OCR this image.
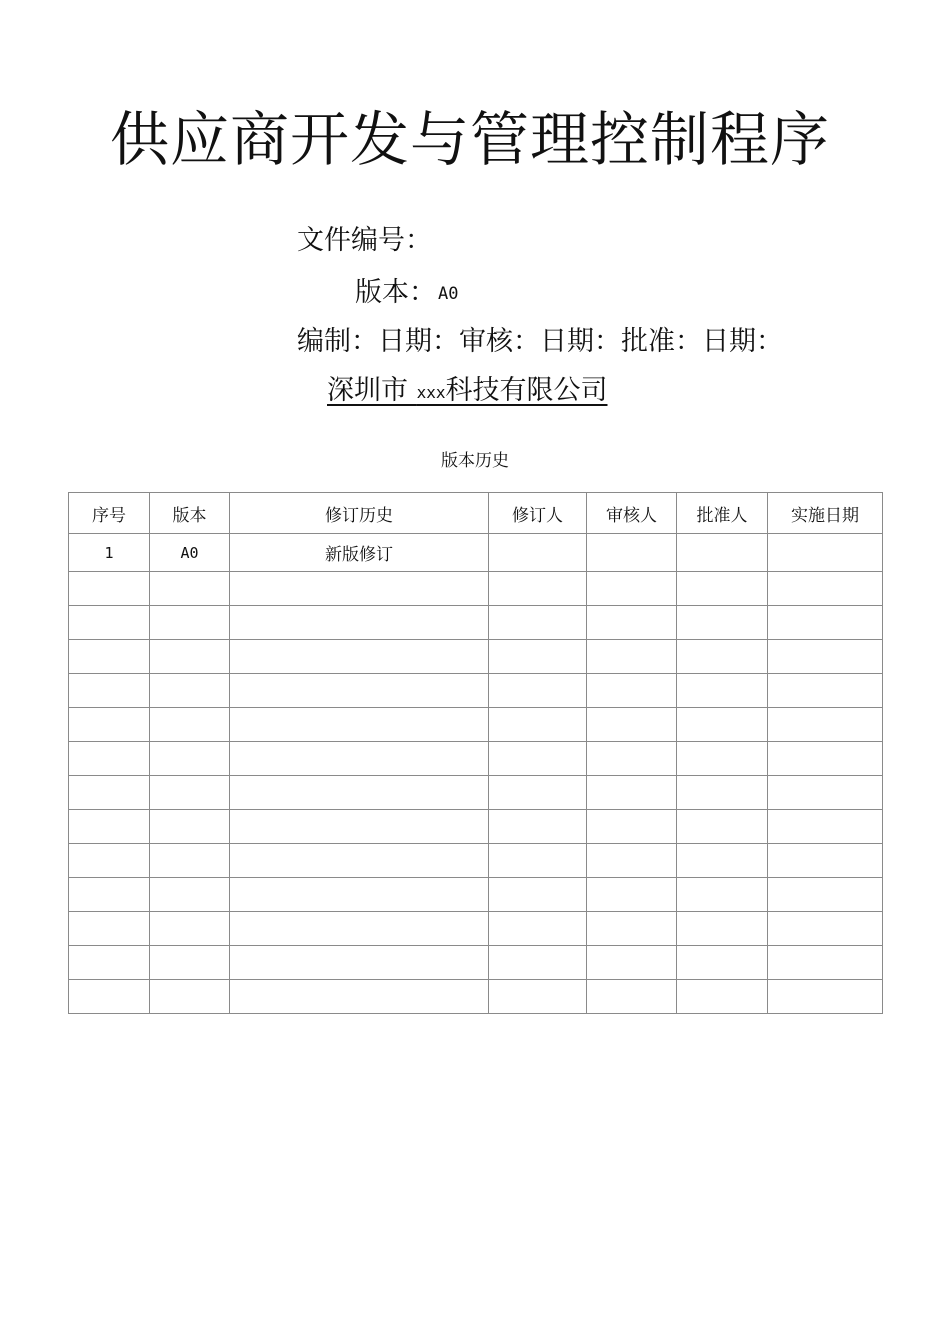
供应商开发与管理控制程序
文件编号：
版本： A0
编制：日期：审核：日期：批准：日期：
深圳市 xxx科技有限公司
版本历史
序号	版本	修订历史	修订人	审核人	批准人	实施日期
1	A0	新版修订				
